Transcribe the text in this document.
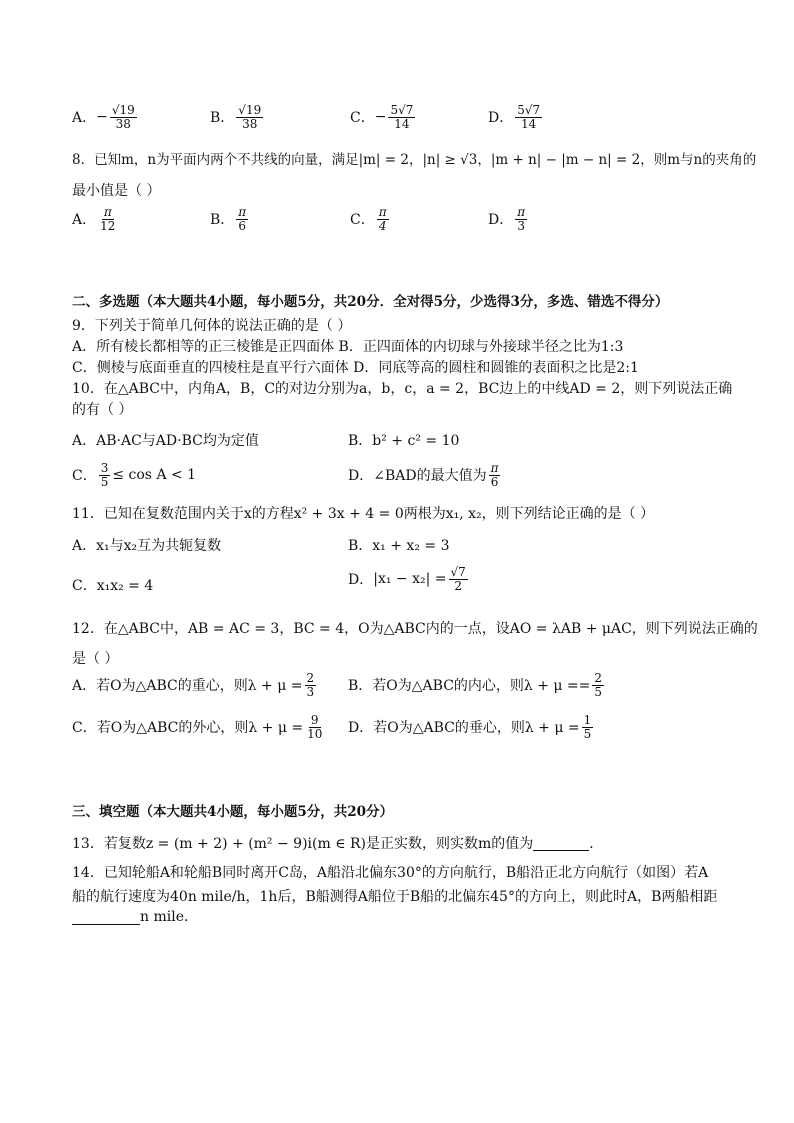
A． − $\frac{√19}{38}$	B． $\frac{√19}{38}$	C． − $\frac{5√7}{14}$	D． $\frac{5√7}{14}$
8．已知m，n为平面内两个不共线的向量，满足|m| = 2，|n| ≥ √3，|m + n| − |m − n| = 2，则m与n的夹角的
最小值是（ ）
A． $\frac{\pi}{12}$	B． $\frac{\pi}{6}$	C． $\frac{\pi}{4}$	D． $\frac{\pi}{3}$
二、多选题（本大题共4小题，每小题5分，共20分．全对得5分，少选得3分，多选、错选不得分）
9．下列关于简单几何体的说法正确的是（ ）
A．所有棱长都相等的正三棱锥是正四面体 B．正四面体的内切球与外接球半径之比为1:3
C．侧棱与底面垂直的四棱柱是直平行六面体 D．同底等高的圆柱和圆锥的表面积之比是2:1
10．在△ABC中，内角A，B，C的对边分别为a，b，c，a = 2，BC边上的中线AD = 2，则下列说法正确
的有（ ）
A．AB·AC与AD·BC均为定值	B．b² + c² = 10
C． $\frac{3}{5} \le \cos A < 1$	D． ∠BAD的最大值为 $\frac{\pi}{6}$
11．已知在复数范围内关于x的方程x² + 3x + 4 = 0两根为x₁, x₂，则下列结论正确的是（ ）
A．x₁与x₂互为共轭复数	B．x₁ + x₂ = 3
C．x₁x₂ = 4	D． $|x_1 - x_2| = \frac{√7}{2}$
12．在△ABC中，AB = AC = 3，BC = 4，O为△ABC内的一点，设AO = λAB + μAC，则下列说法正确的
是（ ）
A．若O为△ABC的重心，则$\lambda + \mu = \frac{2}{3}$ B．若O为△ABC的内心，则$\lambda + \mu == \frac{2}{5}$
C．若O为△ABC的外心，则$\lambda + \mu = \frac{9}{10}$ D．若O为△ABC的垂心，则$\lambda + \mu = \frac{1}{5}$
三、填空题（本大题共4小题，每小题5分，共20分）
13．若复数z = (m + 2) + (m² − 9)i(m ∈ R)是正实数，则实数m的值为	．
14．已知轮船A和轮船B同时离开C岛，A船沿北偏东30°的方向航行，B船沿正北方向航行（如图）若A
船的航行速度为40n mile/h，1h后，B船测得A船位于B船的北偏东45°的方向上，则此时A，B两船相距
n mile．
